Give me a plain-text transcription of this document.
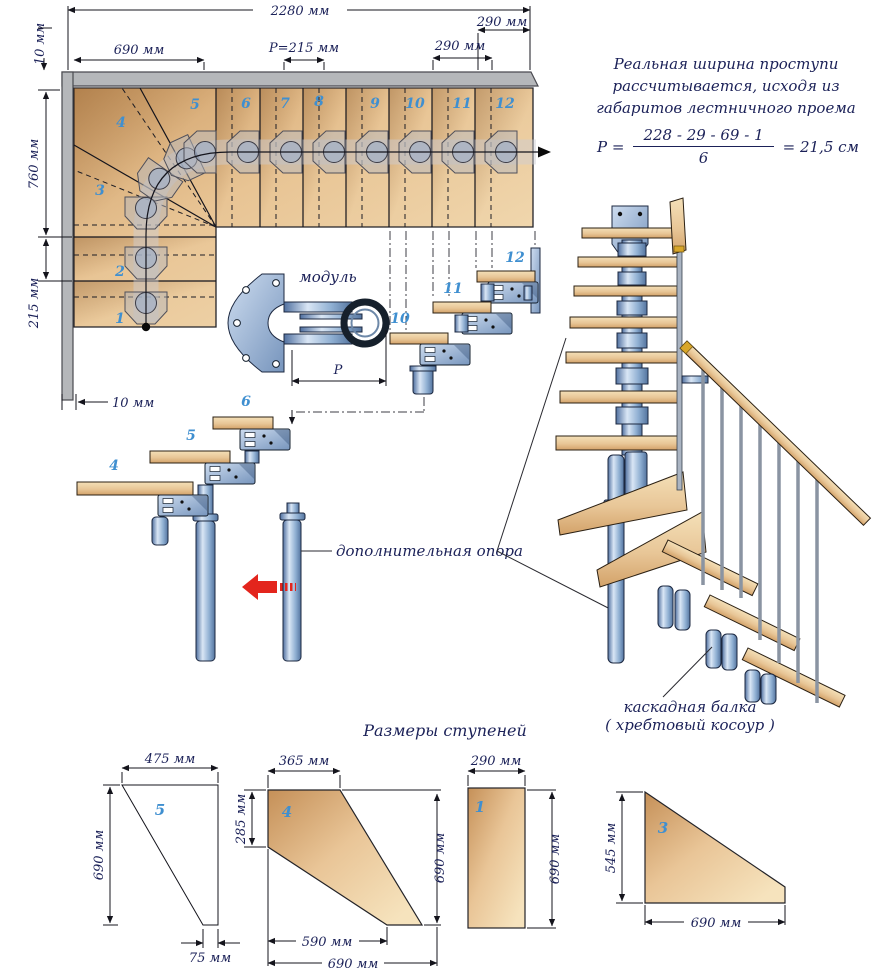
1
2
3
4
5	6 7 8	9 10 11 12
2280 мм
290 мм
690 мм	P=215 мм	290 мм
10 мм
760 мм
215 мм
10 мм
модуль
P
10
11
12
4
5
6
дополнительная опора
каскадная балка
( хребтовый косоур )
Размеры ступеней
5
475 мм
690 мм
75 мм
4
365 мм
285 мм
690 мм
590 мм
690 мм
1
290 мм
690 мм
3
545 мм
690 мм
Реальная ширина проступи
рассчитывается, исходя из
габаритов лестничного проема
$P = \frac{228 - 29 - 69 - 1}{6} = 21,5$ см
